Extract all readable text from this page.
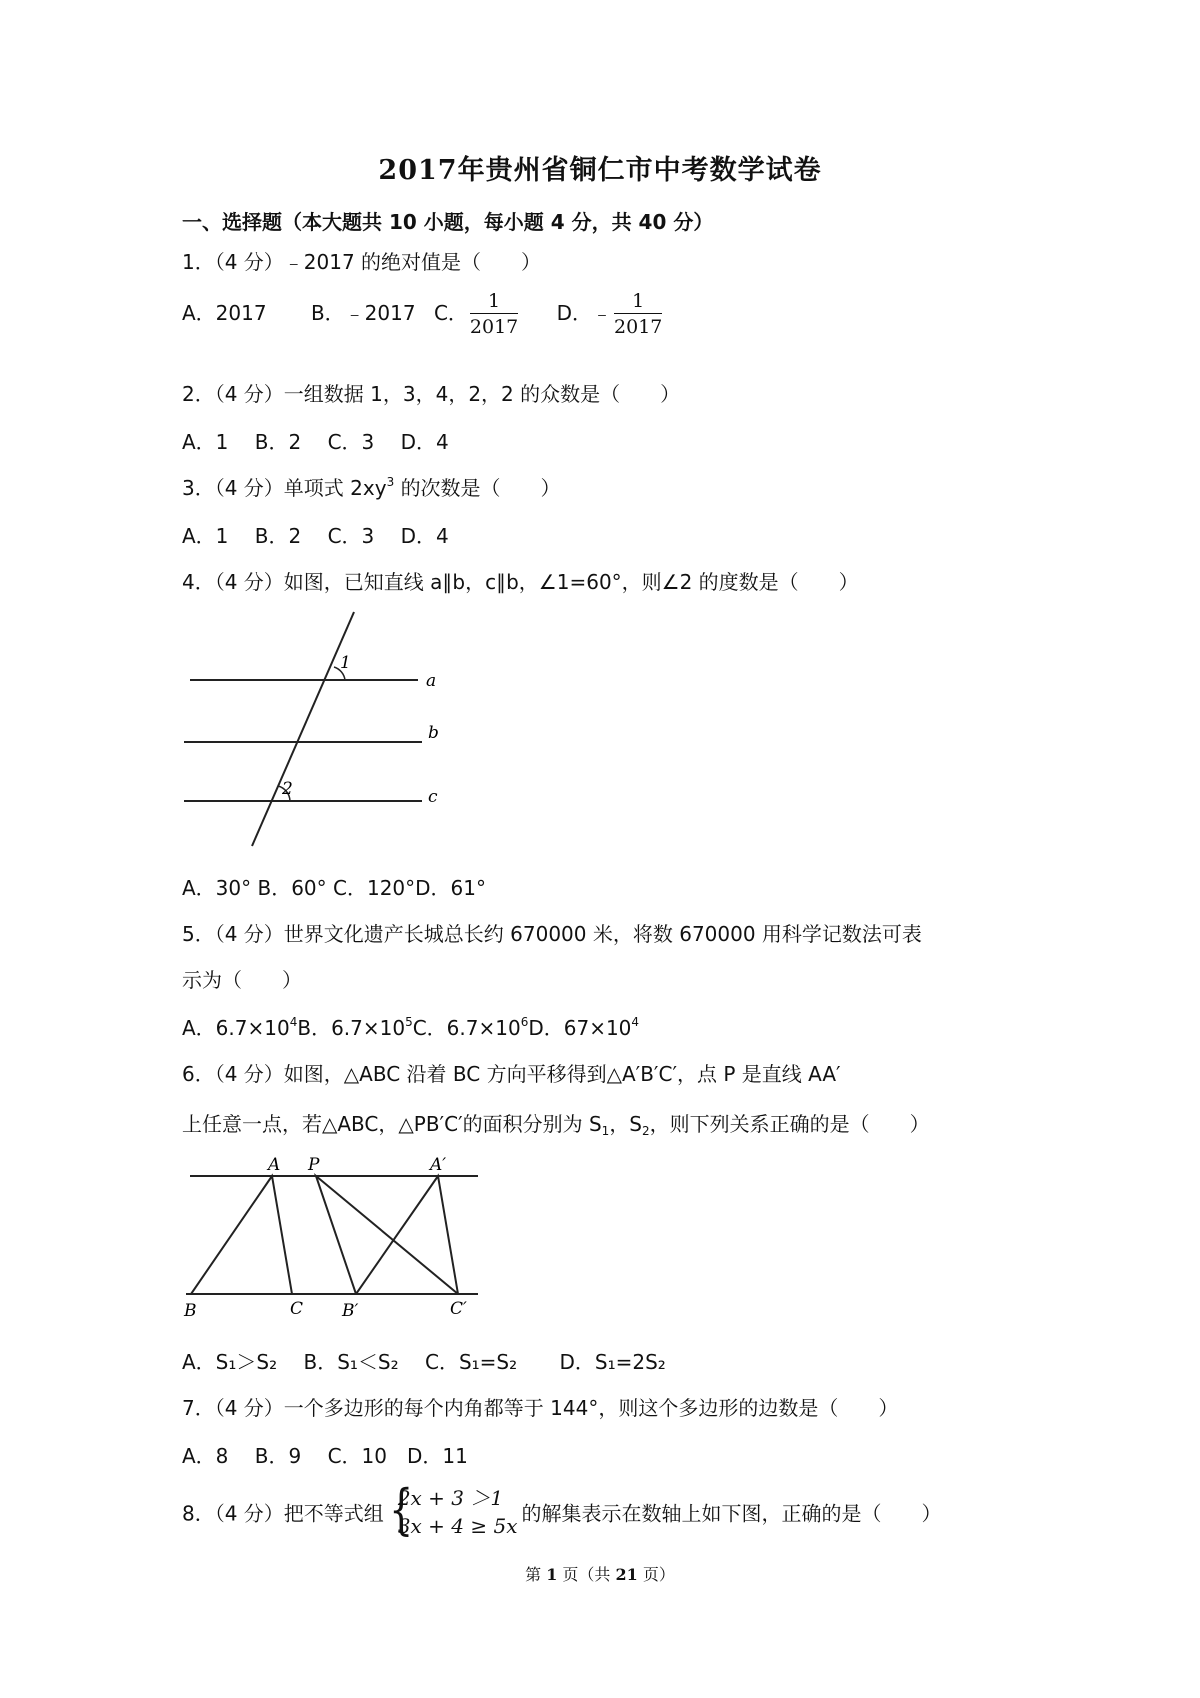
2017年贵州省铜仁市中考数学试卷
一、选择题（本大题共 10 小题，每小题 4 分，共 40 分）
1．（4 分）﹣2017 的绝对值是（　　）
A．2017 B．﹣2017 C． $\frac{1}{2017}$ D．﹣ $\frac{1}{2017}$
2．（4 分）一组数据 1，3，4，2，2 的众数是（　　）
A．1　 B．2　 C．3　 D．4
3．（4 分）单项式 $2xy^3$ 的次数是（　　）
A．1　 B．2　 C．3　 D．4
4．（4 分）如图，已知直线 a∥b，c∥b，∠1=60°，则∠2 的度数是（　　）
1
2
a
b
c
A．30° B．60° C．120°D．61°
5．（4 分）世界文化遗产长城总长约 670000 米，将数 670000 用科学记数法可表
示为（　　）
A．$6.7\times 10^4B$．$6.7\times 10^5C$．$6.7\times 10^6D$．$67\times 10^4$
6．（4 分）如图，△ABC 沿着 BC 方向平移得到△A′B′C′，点 P 是直线 AA′
上任意一点，若△ABC，△PB′C′的面积分别为 $S_1$，$S_2$，则下列关系正确的是（　　）
A P	A′
B	C B′	C′
A．S₁＞S₂ B．S₁＜S₂ C．S₁=S₂ D．S₁=2S₂
7．（4 分）一个多边形的每个内角都等于 144°，则这个多边形的边数是（　　）
A．8　 B．9　 C．10　D．11
8．（4 分）把不等式组 {
2x + 3 ＞1
3x + 4 ≥ 5x
的解集表示在数轴上如下图，正确的是（　　）
第 1 页（共 21 页）
